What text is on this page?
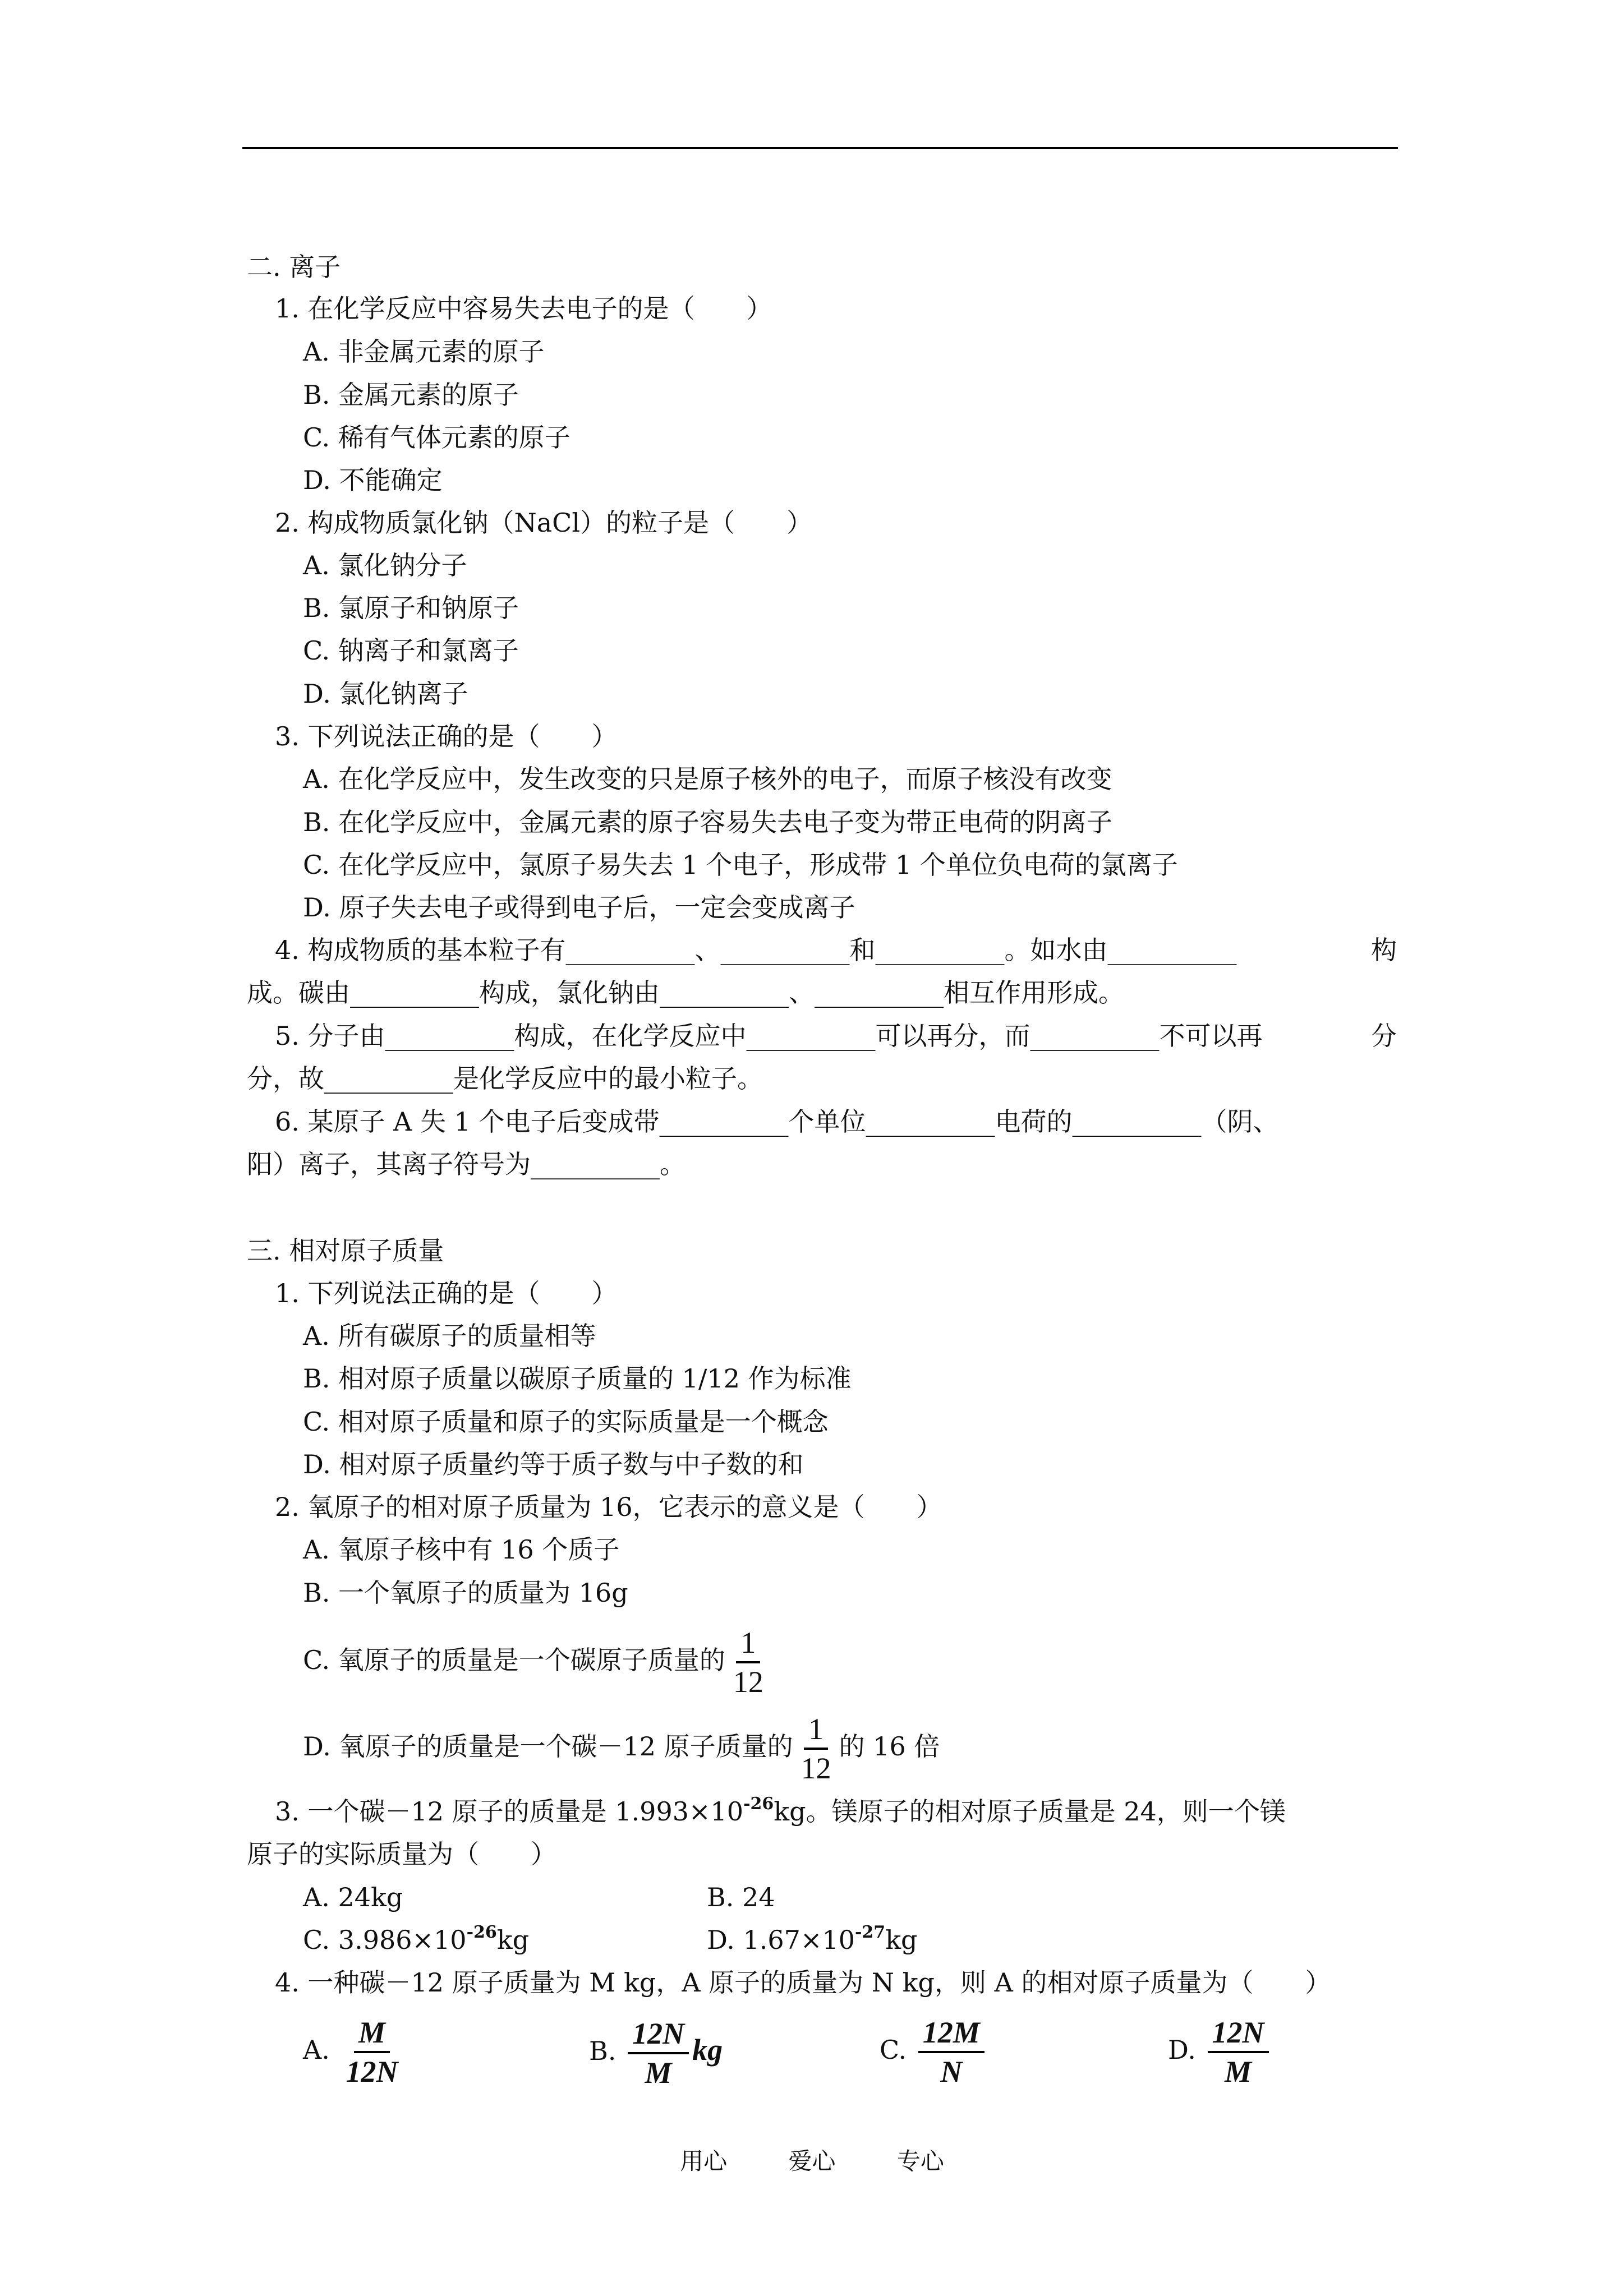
二. 离子
1. 在化学反应中容易失去电子的是（　　）
A. 非金属元素的原子
B. 金属元素的原子
C. 稀有气体元素的原子
D. 不能确定
2. 构成物质氯化钠（NaCl）的粒子是（　　）
A. 氯化钠分子
B. 氯原子和钠原子
C. 钠离子和氯离子
D. 氯化钠离子
3. 下列说法正确的是（　　）
A. 在化学反应中，发生改变的只是原子核外的电子，而原子核没有改变
B. 在化学反应中，金属元素的原子容易失去电子变为带正电荷的阴离子
C. 在化学反应中，氯原子易失去 1 个电子，形成带 1 个单位负电荷的氯离子
D. 原子失去电子或得到电子后，一定会变成离子
4. 构成物质的基本粒子有__________、__________和__________。如水由__________	构
成。碳由__________构成，氯化钠由__________、__________相互作用形成。
5. 分子由__________构成，在化学反应中__________可以再分，而__________不可以再	分
分，故__________是化学反应中的最小粒子。
6. 某原子 A 失 1 个电子后变成带__________个单位__________电荷的__________（阴、
阳）离子，其离子符号为__________。
三. 相对原子质量
1. 下列说法正确的是（　　）
A. 所有碳原子的质量相等
B. 相对原子质量以碳原子质量的 1/12 作为标准
C. 相对原子质量和原子的实际质量是一个概念
D. 相对原子质量约等于质子数与中子数的和
2. 氧原子的相对原子质量为 16，它表示的意义是（　　）
A. 氧原子核中有 16 个质子
B. 一个氧原子的质量为 16g
C. 氧原子的质量是一个碳原子质量的 $\frac{1}{12}$
D. 氧原子的质量是一个碳－12 原子质量的 $\frac{1}{12}$ 的 16 倍
3. 一个碳－12 原子的质量是 $1.993\times 10^{-26}kg$。镁原子的相对原子质量是 24，则一个镁
原子的实际质量为（　　）
A. 24kg	B. 24
C. $3.986\times 10^{-26}kg$	D. $1.67\times 10^{-27}kg$
4. 一种碳－12 原子质量为 M kg，A 原子的质量为 N kg，则 A 的相对原子质量为（　　）
A. $\frac{M}{12N}$	B. $\frac{12N}{M}$ kg	C. $\frac{12M}{N}$	D. $\frac{12N}{M}$
用心	爱心	专心
